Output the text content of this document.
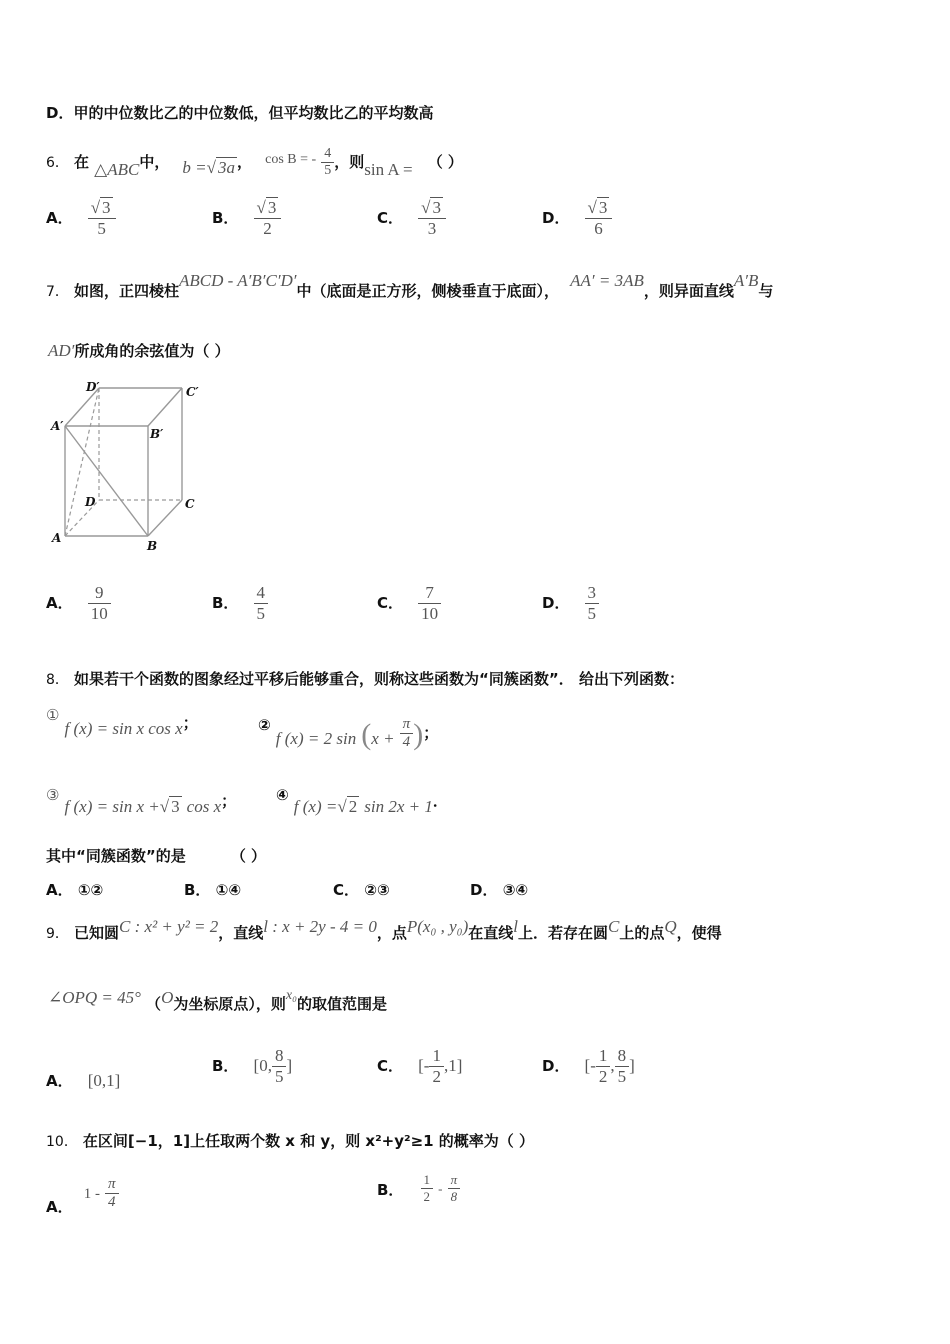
D．甲的中位数比乙的中位数低，但平均数比乙的平均数高
6． 在 △ABC中， b =√ 3a ， cos B = - $\frac{4}{5}$ ，则sin A = （ ）
A． $\frac{√ 3}{5}$	B． $\frac{√ 3}{2}$	C． $\frac{√ 3}{3}$	D． $\frac{√ 3}{6}$
7． 如图，正四棱柱ABCD - A′B′C′D′中（底面是正方形，侧棱垂直于底面）， AA′ = 3AB，则异面直线A′B与
AD′所成角的余弦值为（ ）
D′	C′
A′
B′
D	C
A
B
A． $\frac{9}{10}$	B． $\frac{4}{5}$	C． $\frac{7}{10}$	D． $\frac{3}{5}$
8． 如果若干个函数的图象经过平移后能够重合，则称这些函数为“同簇函数”． 给出下列函数：
① f (x) = sin x cos x；	② f (x) = 2 $\sin (x + \frac{\pi}{4}$ )；
③ f (x) = sin x +√ 3 cos x；	④ f (x) =√ 2 sin 2x + 1．
其中“同簇函数”的是	（ ）
A． ①②	B． ①④	C． ②③	D． ③④
9． 已知圆C : x² + y² = 2，直线l : x + 2y - 4 = 0，点P(x₀ , y₀)在直线l上．若存在圆C上的点Q，使得
∠OPQ = 45° （O为坐标原点），则x₀的取值范围是
A． [0,1]
B． [0, $\frac{8}{5}$ ]	C． [- $\frac{1}{2} ,1$]	D． [- $\frac{1}{2}$ , $\frac{8}{5}$ ]
10． 在区间[−1，1]上任取两个数 x 和 y，则 x²+y²≥1 的概率为（ ）
A． $1 - \frac{\pi}{4}$	B． $\frac{1}{2} - \frac{\pi}{8}$
